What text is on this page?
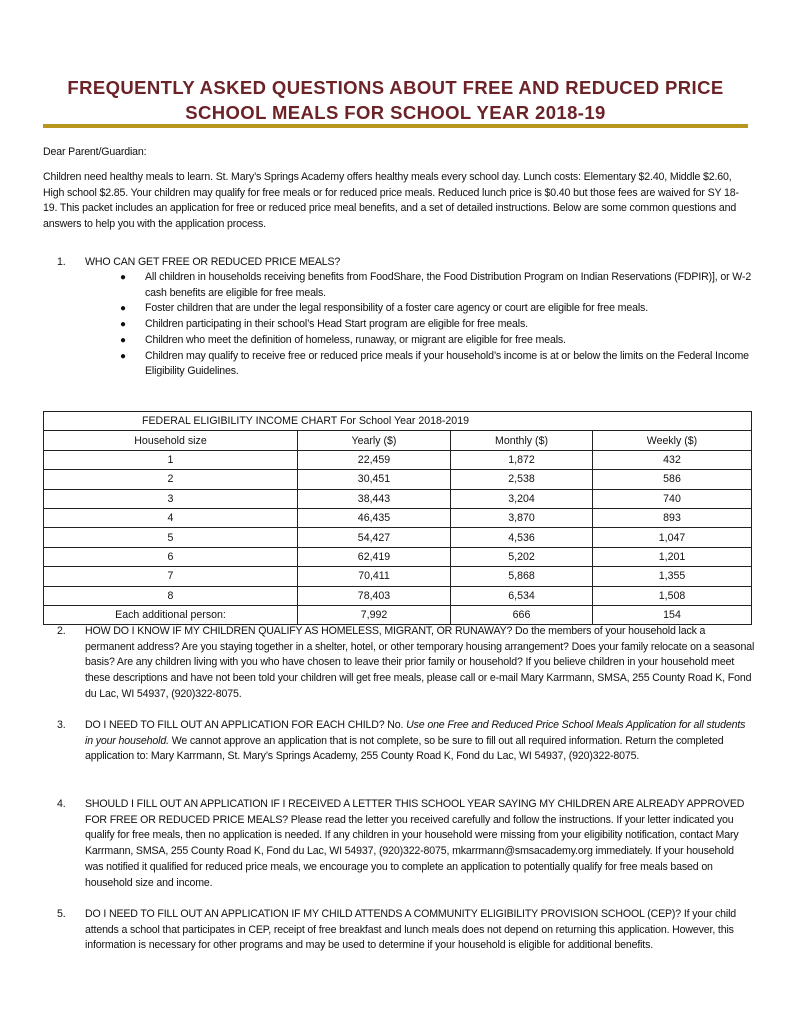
FREQUENTLY ASKED QUESTIONS ABOUT FREE AND REDUCED PRICE
SCHOOL MEALS FOR SCHOOL YEAR 2018-19
Dear Parent/Guardian:
Children need healthy meals to learn. St. Mary’s Springs Academy offers healthy meals every school day. Lunch costs: Elementary $2.40, Middle $2.60, High school $2.85. Your children may qualify for free meals or for reduced price meals. Reduced lunch price is $0.40 but those fees are waived for SY 18-19. This packet includes an application for free or reduced price meal benefits, and a set of detailed instructions. Below are some common questions and answers to help you with the application process.
1. WHO CAN GET FREE OR REDUCED PRICE MEALS?
● All children in households receiving benefits from FoodShare, the Food Distribution Program on Indian Reservations (FDPIR)], or W-2 cash benefits are eligible for free meals.
● Foster children that are under the legal responsibility of a foster care agency or court are eligible for free meals.
● Children participating in their school’s Head Start program are eligible for free meals.
● Children who meet the definition of homeless, runaway, or migrant are eligible for free meals.
● Children may qualify to receive free or reduced price meals if your household’s income is at or below the limits on the Federal Income Eligibility Guidelines.
FEDERAL ELIGIBILITY INCOME CHART For School Year 2018-2019			
Household size	Yearly ($)	Monthly ($)	Weekly ($)
1	22,459	1,872	432
2	30,451	2,538	586
3	38,443	3,204	740
4	46,435	3,870	893
5	54,427	4,536	1,047
6	62,419	5,202	1,201
7	70,411	5,868	1,355
8	78,403	6,534	1,508
Each additional person:	7,992	666	154
2. HOW DO I KNOW IF MY CHILDREN QUALIFY AS HOMELESS, MIGRANT, OR RUNAWAY? Do the members of your household lack a permanent address? Are you staying together in a shelter, hotel, or other temporary housing arrangement? Does your family relocate on a seasonal basis? Are any children living with you who have chosen to leave their prior family or household? If you believe children in your household meet these descriptions and have not been told your children will get free meals, please call or e-mail Mary Karrmann, SMSA, 255 County Road K, Fond du Lac, WI 54937, (920)322-8075.
3. DO I NEED TO FILL OUT AN APPLICATION FOR EACH CHILD? No. Use one Free and Reduced Price School Meals Application for all students in your household. We cannot approve an application that is not complete, so be sure to fill out all required information. Return the completed application to: Mary Karrmann, St. Mary’s Springs Academy, 255 County Road K, Fond du Lac, WI 54937, (920)322-8075.
4. SHOULD I FILL OUT AN APPLICATION IF I RECEIVED A LETTER THIS SCHOOL YEAR SAYING MY CHILDREN ARE ALREADY APPROVED FOR FREE OR REDUCED PRICE MEALS? Please read the letter you received carefully and follow the instructions. If your letter indicated you qualify for free meals, then no application is needed. If any children in your household were missing from your eligibility notification, contact Mary Karrmann, SMSA, 255 County Road K, Fond du Lac, WI 54937, (920)322-8075, mkarrmann@smsacademy.org immediately. If your household was notified it qualified for reduced price meals, we encourage you to complete an application to potentially qualify for free meals based on household size and income.
5. DO I NEED TO FILL OUT AN APPLICATION IF MY CHILD ATTENDS A COMMUNITY ELIGIBILITY PROVISION SCHOOL (CEP)? If your child attends a school that participates in CEP, receipt of free breakfast and lunch meals does not depend on returning this application. However, this information is necessary for other programs and may be used to determine if your household is eligible for additional benefits.
